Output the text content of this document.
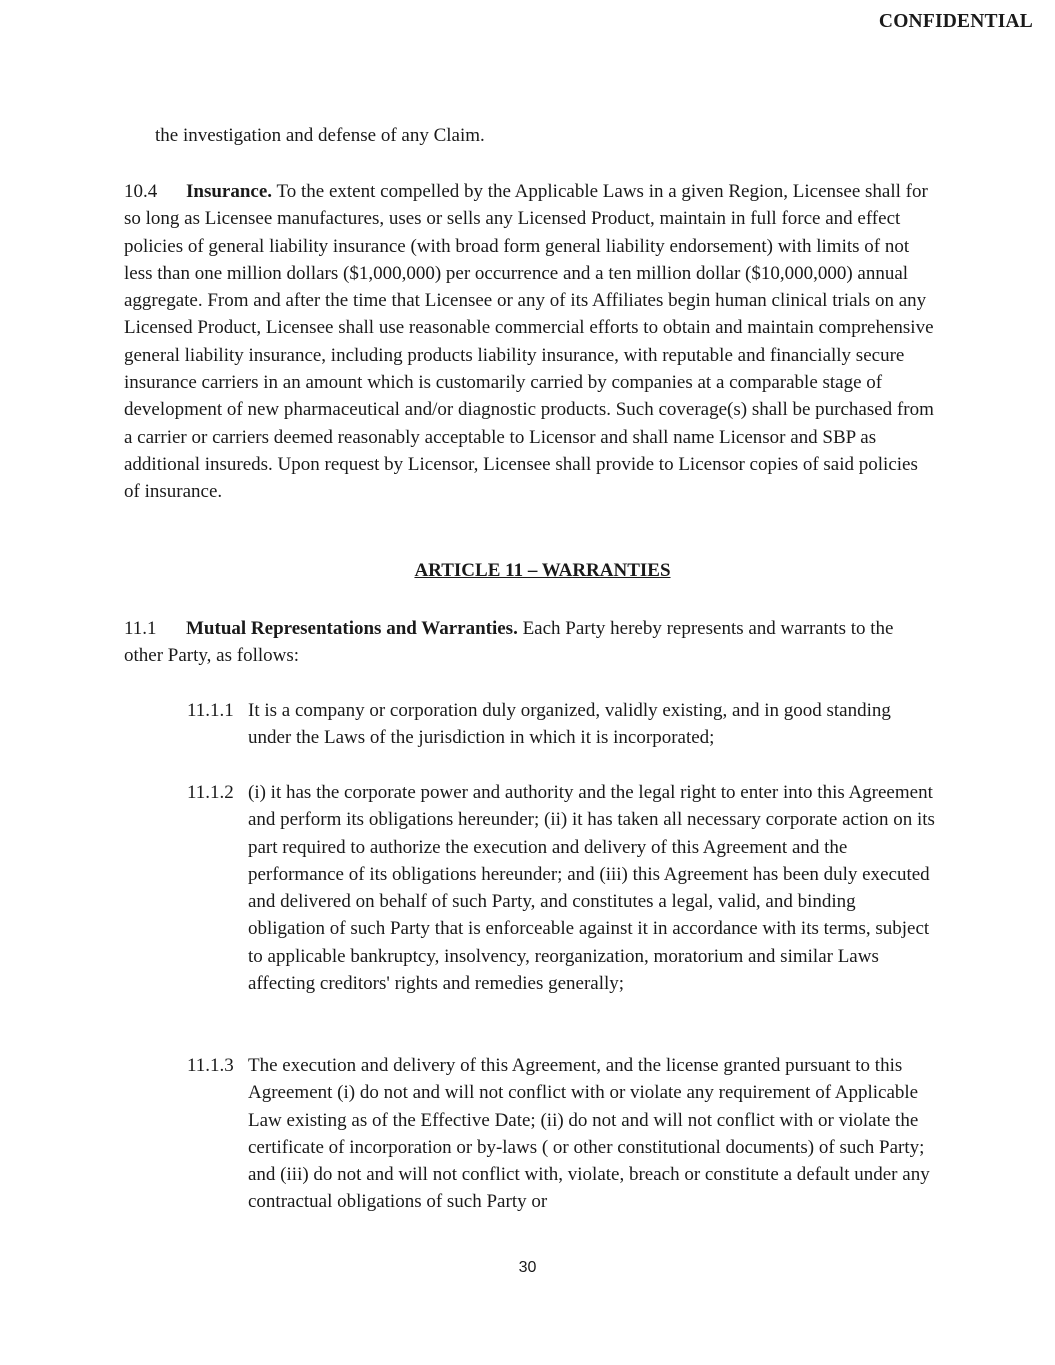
CONFIDENTIAL
the investigation and defense of any Claim.
10.4 Insurance. To the extent compelled by the Applicable Laws in a given Region, Licensee shall for so long as Licensee manufactures, uses or sells any Licensed Product, maintain in full force and effect policies of general liability insurance (with broad form general liability endorsement) with limits of not less than one million dollars ($1,000,000) per occurrence and a ten million dollar ($10,000,000) annual aggregate. From and after the time that Licensee or any of its Affiliates begin human clinical trials on any Licensed Product, Licensee shall use reasonable commercial efforts to obtain and maintain comprehensive general liability insurance, including products liability insurance, with reputable and financially secure insurance carriers in an amount which is customarily carried by companies at a comparable stage of development of new pharmaceutical and/or diagnostic products. Such coverage(s) shall be purchased from a carrier or carriers deemed reasonably acceptable to Licensor and shall name Licensor and SBP as additional insureds. Upon request by Licensor, Licensee shall provide to Licensor copies of said policies of insurance.
ARTICLE 11 – WARRANTIES
11.1 Mutual Representations and Warranties. Each Party hereby represents and warrants to the other Party, as follows:
11.1.1 It is a company or corporation duly organized, validly existing, and in good standing under the Laws of the jurisdiction in which it is incorporated;
11.1.2 (i) it has the corporate power and authority and the legal right to enter into this Agreement and perform its obligations hereunder; (ii) it has taken all necessary corporate action on its part required to authorize the execution and delivery of this Agreement and the performance of its obligations hereunder; and (iii) this Agreement has been duly executed and delivered on behalf of such Party, and constitutes a legal, valid, and binding obligation of such Party that is enforceable against it in accordance with its terms, subject to applicable bankruptcy, insolvency, reorganization, moratorium and similar Laws affecting creditors' rights and remedies generally;
11.1.3 The execution and delivery of this Agreement, and the license granted pursuant to this Agreement (i) do not and will not conflict with or violate any requirement of Applicable Law existing as of the Effective Date; (ii) do not and will not conflict with or violate the certificate of incorporation or by-laws ( or other constitutional documents) of such Party; and (iii) do not and will not conflict with, violate, breach or constitute a default under any contractual obligations of such Party or
30
